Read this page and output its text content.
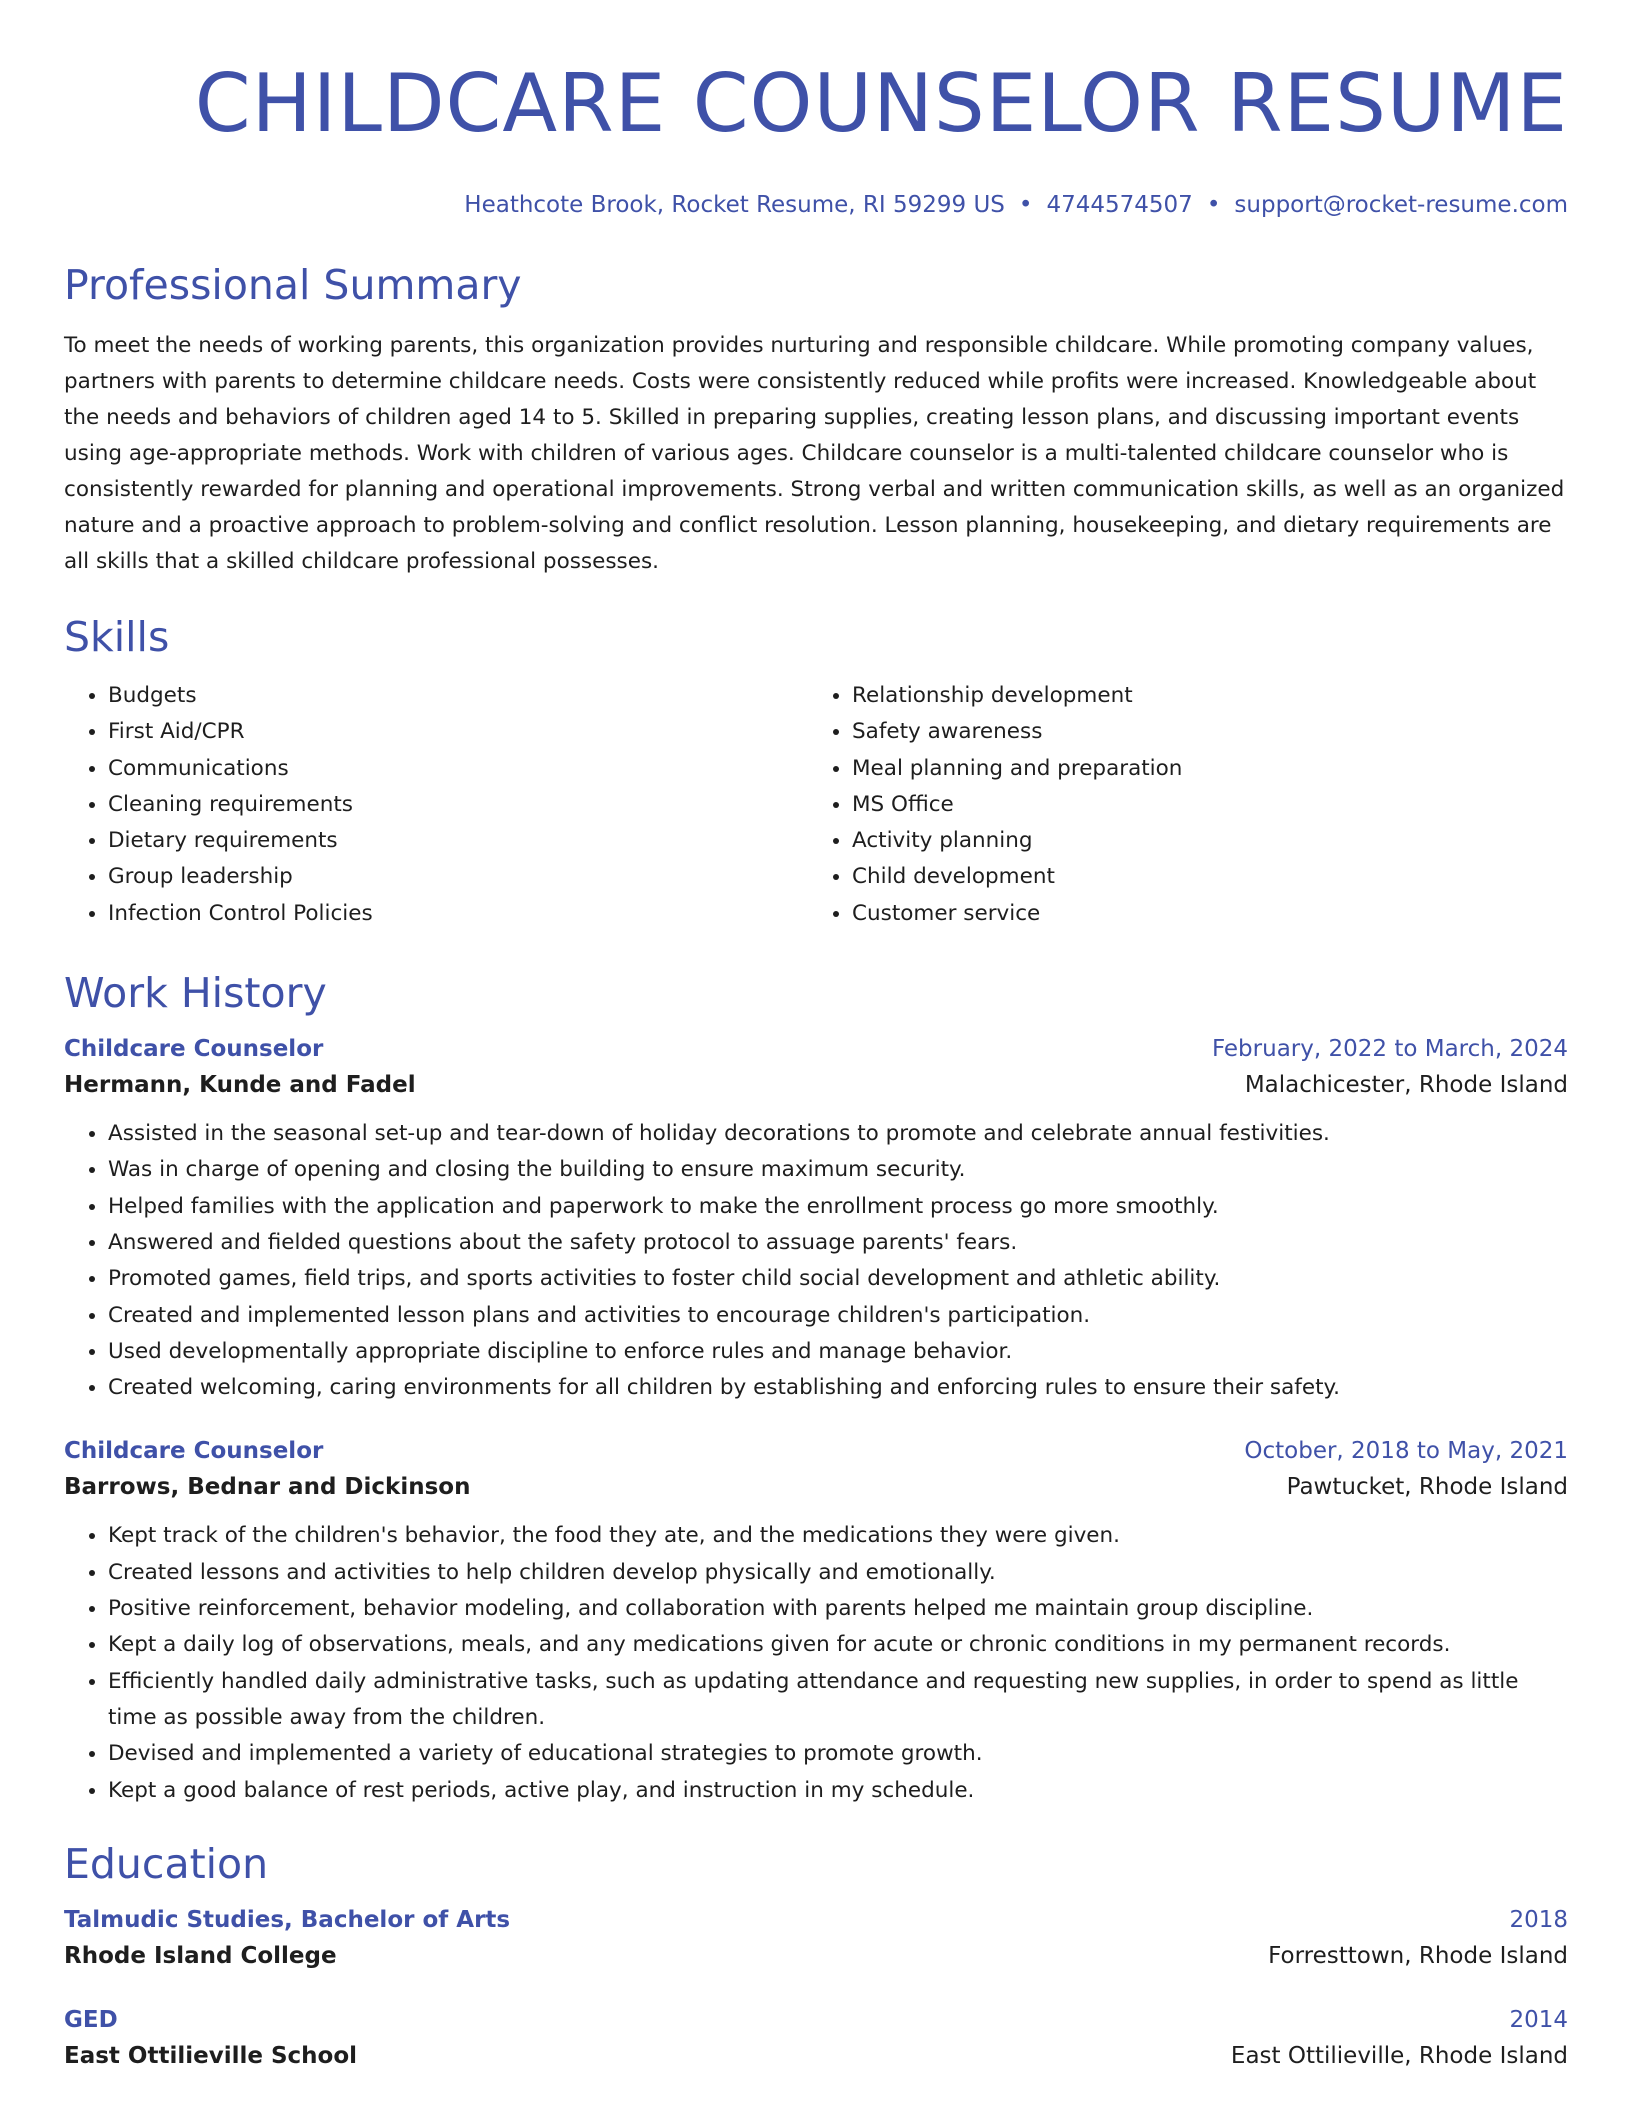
CHILDCARE COUNSELOR RESUME
Heathcote Brook, Rocket Resume, RI 59299 US • 4744574507 • support@rocket-resume.com
Professional Summary

To meet the needs of working parents, this organization provides nurturing and responsible childcare. While promoting company values, partners with parents to determine childcare needs. Costs were consistently reduced while profits were increased. Knowledgeable about the needs and behaviors of children aged 14 to 5. Skilled in preparing supplies, creating lesson plans, and discussing important events using age-appropriate methods. Work with children of various ages. Childcare counselor is a multi-talented childcare counselor who is consistently rewarded for planning and operational improvements. Strong verbal and written communication skills, as well as an organized nature and a proactive approach to problem-solving and conflict resolution. Lesson planning, housekeeping, and dietary requirements are all skills that a skilled childcare professional possesses.

Skills
• Budgets
• First Aid/CPR
• Communications
• Cleaning requirements
• Dietary requirements
• Group leadership
• Infection Control Policies
• Relationship development
• Safety awareness
• Meal planning and preparation
• MS Office
• Activity planning
• Child development
• Customer service
Work History
Childcare Counselor	February, 2022 to March, 2024
Hermann, Kunde and Fadel	Malachicester, Rhode Island
• Assisted in the seasonal set-up and tear-down of holiday decorations to promote and celebrate annual festivities.
• Was in charge of opening and closing the building to ensure maximum security.
• Helped families with the application and paperwork to make the enrollment process go more smoothly.
• Answered and fielded questions about the safety protocol to assuage parents' fears.
• Promoted games, field trips, and sports activities to foster child social development and athletic ability.
• Created and implemented lesson plans and activities to encourage children's participation.
• Used developmentally appropriate discipline to enforce rules and manage behavior.
• Created welcoming, caring environments for all children by establishing and enforcing rules to ensure their safety.
Childcare Counselor	October, 2018 to May, 2021
Barrows, Bednar and Dickinson	Pawtucket, Rhode Island
• Kept track of the children's behavior, the food they ate, and the medications they were given.
• Created lessons and activities to help children develop physically and emotionally.
• Positive reinforcement, behavior modeling, and collaboration with parents helped me maintain group discipline.
• Kept a daily log of observations, meals, and any medications given for acute or chronic conditions in my permanent records.
• Efficiently handled daily administrative tasks, such as updating attendance and requesting new supplies, in order to spend as little time as possible away from the children.
• Devised and implemented a variety of educational strategies to promote growth.
• Kept a good balance of rest periods, active play, and instruction in my schedule.
Education
Talmudic Studies, Bachelor of Arts	2018
Rhode Island College	Forresttown, Rhode Island
GED	2014
East Ottilieville School	East Ottilieville, Rhode Island
